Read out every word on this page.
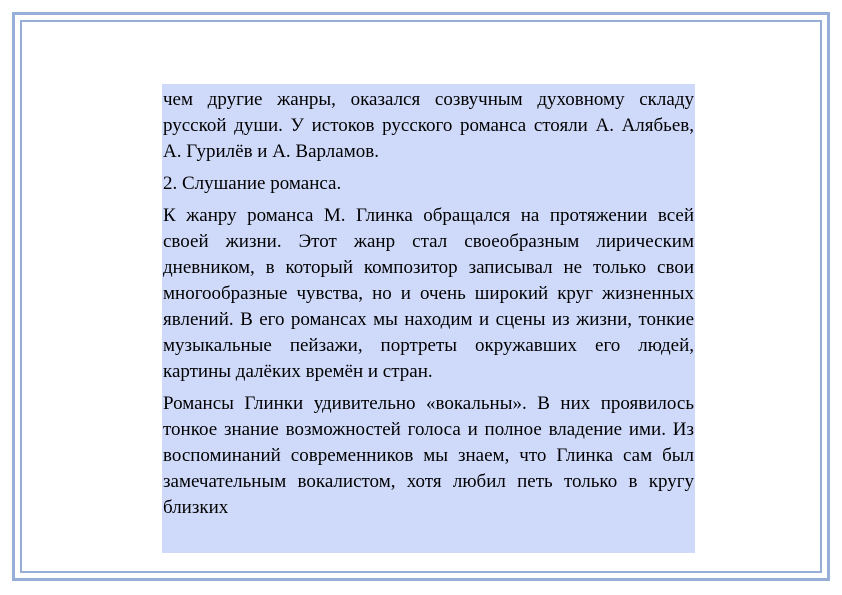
чем другие жанры, оказался созвучным духовному складу русской души. У истоков русского романса стояли А. Алябьев, А. Гурилёв и А. Варламов.

2. Слушание романса.

К жанру романса М. Глинка обращался на протяжении всей своей жизни. Этот жанр стал своеобразным лирическим дневником, в который композитор записывал не только свои многообразные чувства, но и очень широкий круг жизненных явлений. В его романсах мы находим и сцены из жизни, тонкие музыкальные пейзажи, портреты окружавших его людей, картины далёких времён и стран.

Романсы Глинки удивительно «вокальны». В них проявилось тонкое знание возможностей голоса и полное владение ими. Из воспоминаний современников мы знаем, что Глинка сам был замечательным вокалистом, хотя любил петь только в кругу близких
